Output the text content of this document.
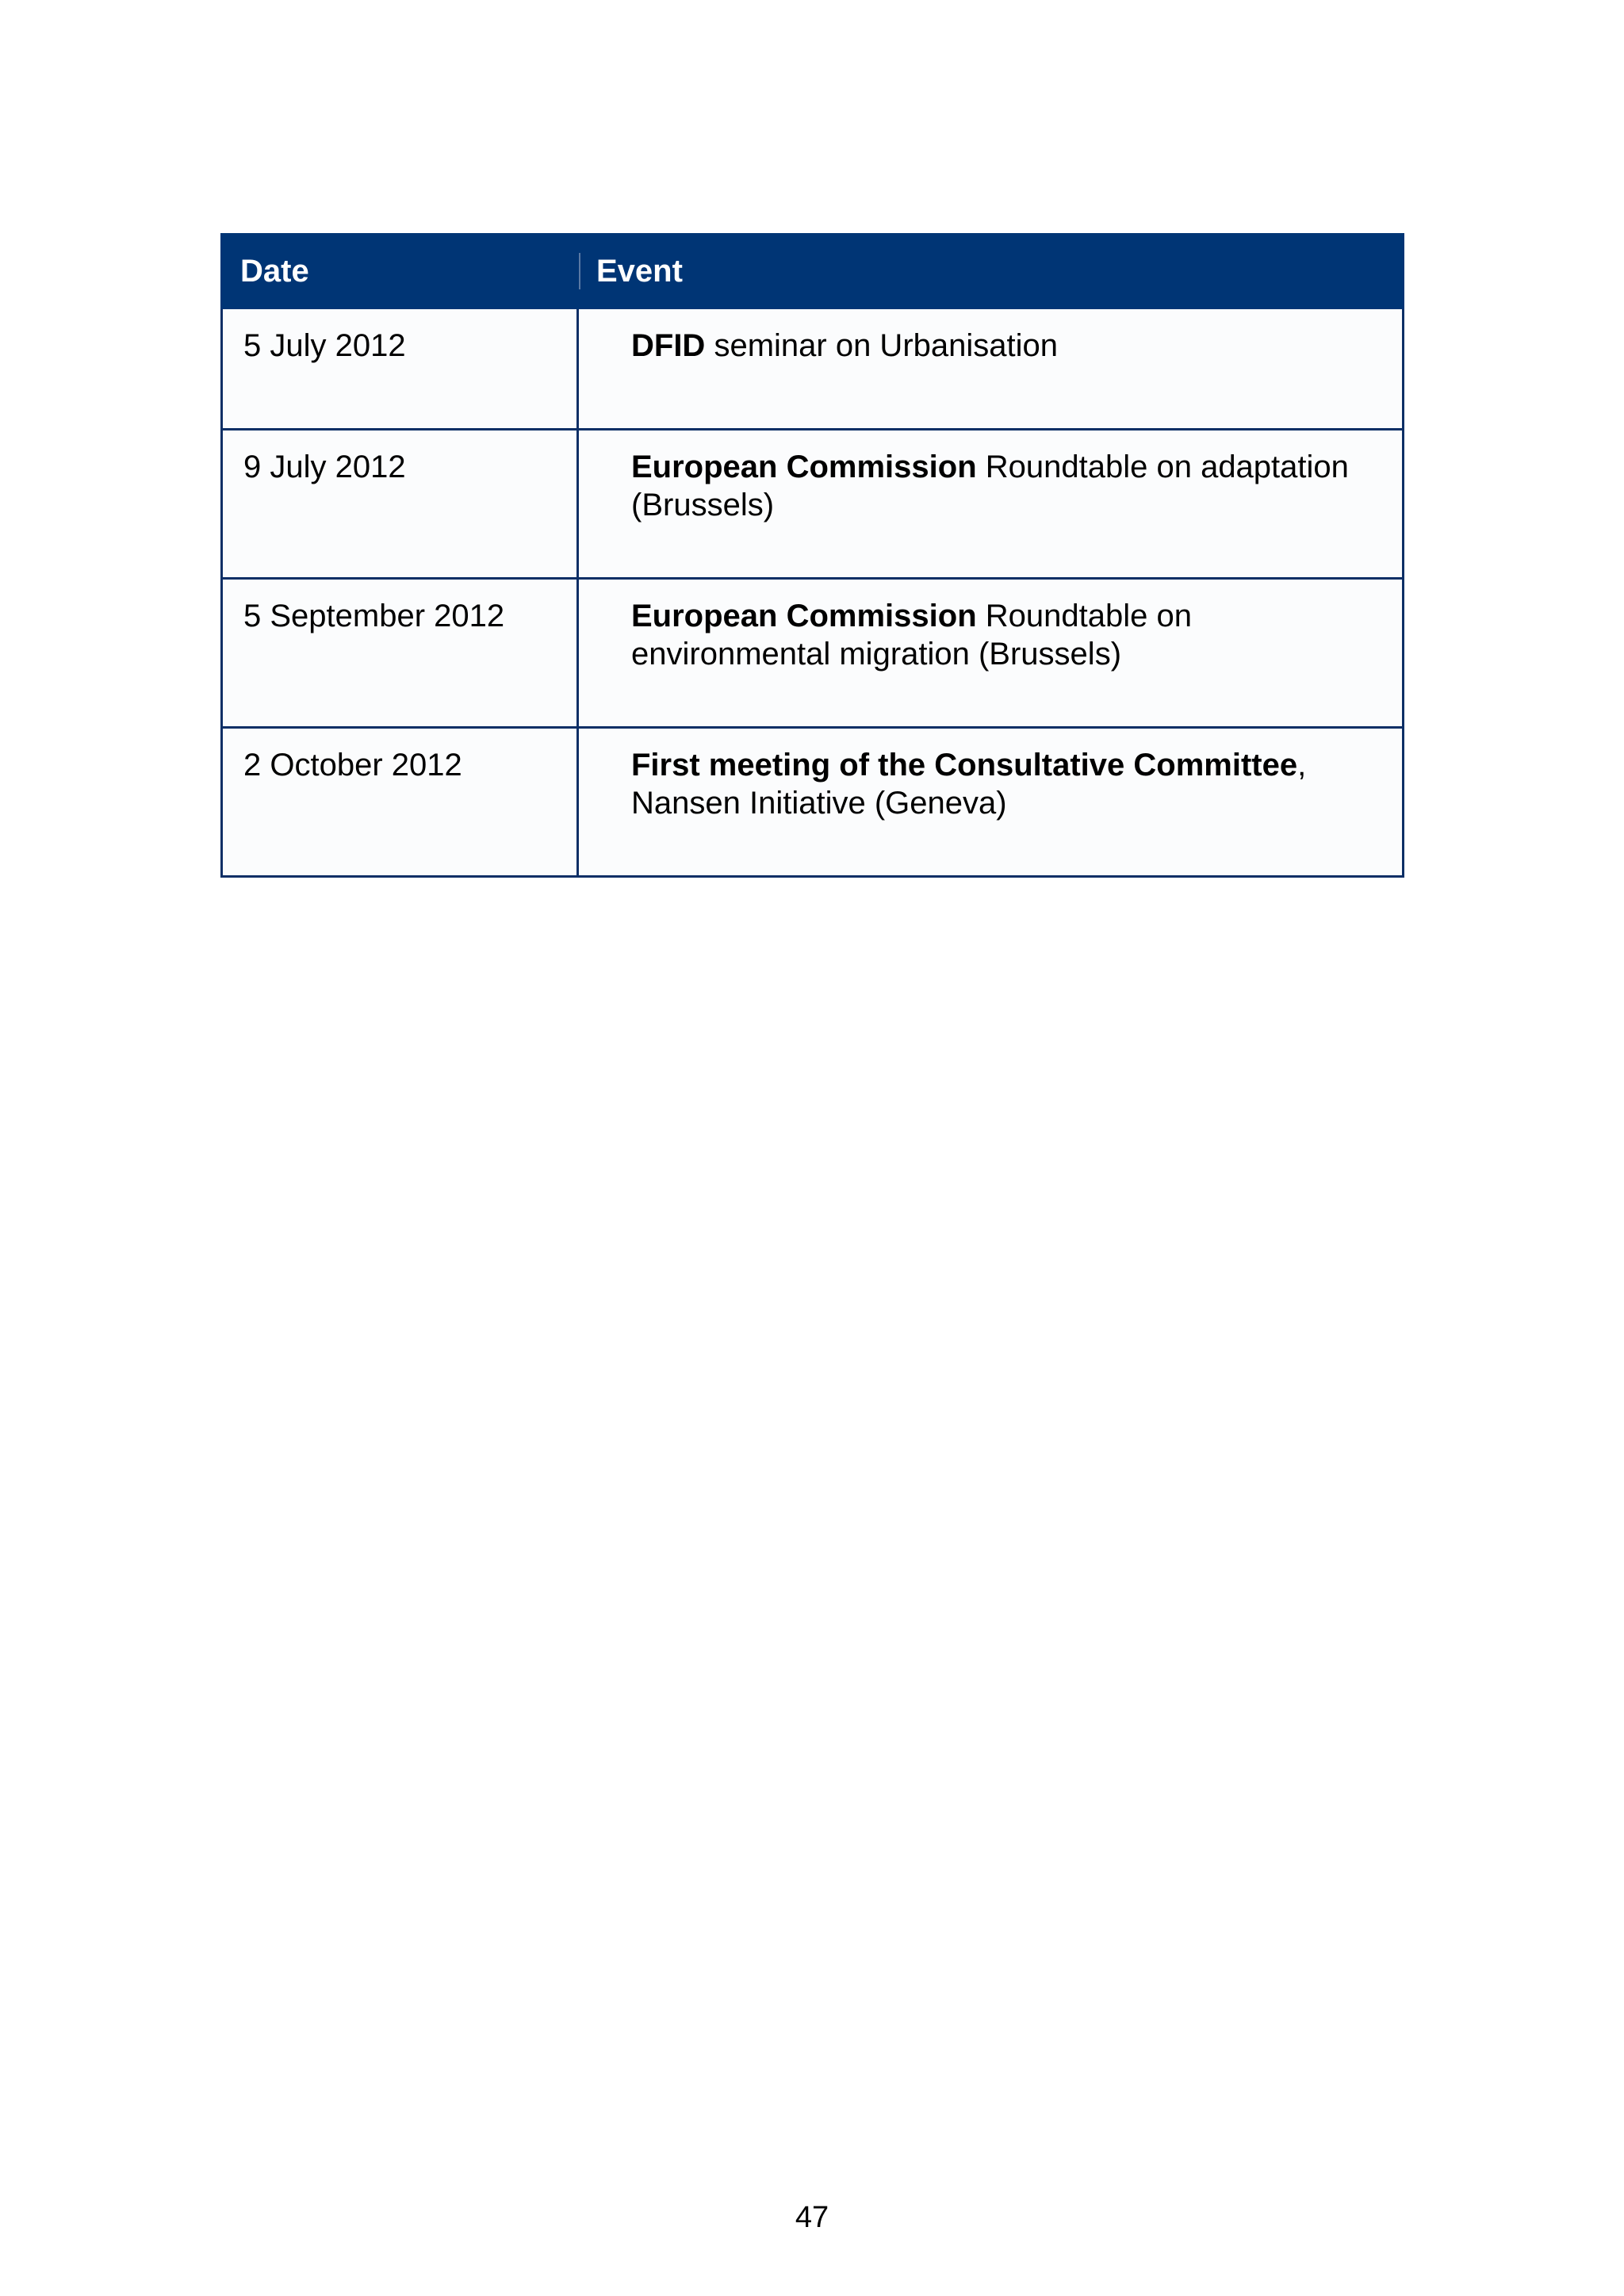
Date	Event
5 July 2012	DFID seminar on Urbanisation
9 July 2012	European Commission Roundtable on adaptation (Brussels)
5 September 2012	European Commission Roundtable on environmental migration (Brussels)
2 October 2012	First meeting of the Consultative Committee, Nansen Initiative (Geneva)
47
